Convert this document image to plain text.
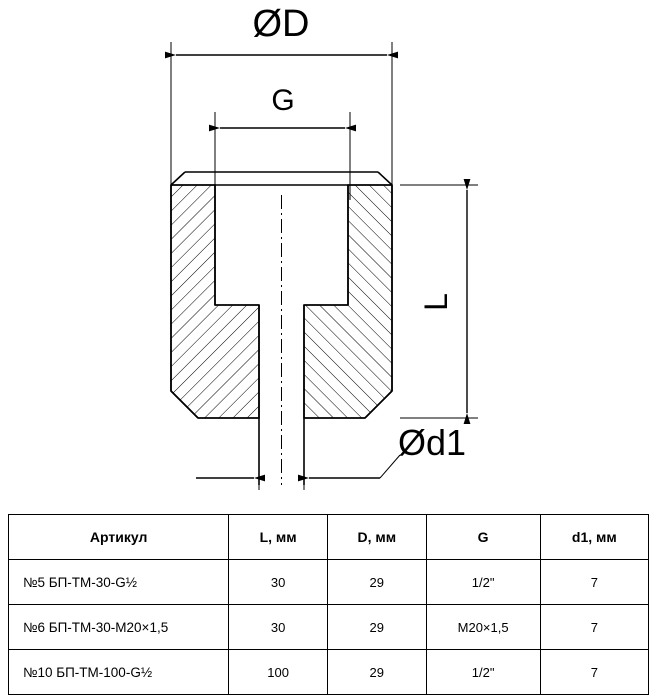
ØD
G
L
Ød1
Артикул	L, мм	D, мм	G	d1, мм
№5 БП-ТМ-30-G½	30	29	1/2"	7
№6 БП-ТМ-30-М20×1,5	30	29	М20×1,5	7
№10 БП-ТМ-100-G½	100	29	1/2"	7
